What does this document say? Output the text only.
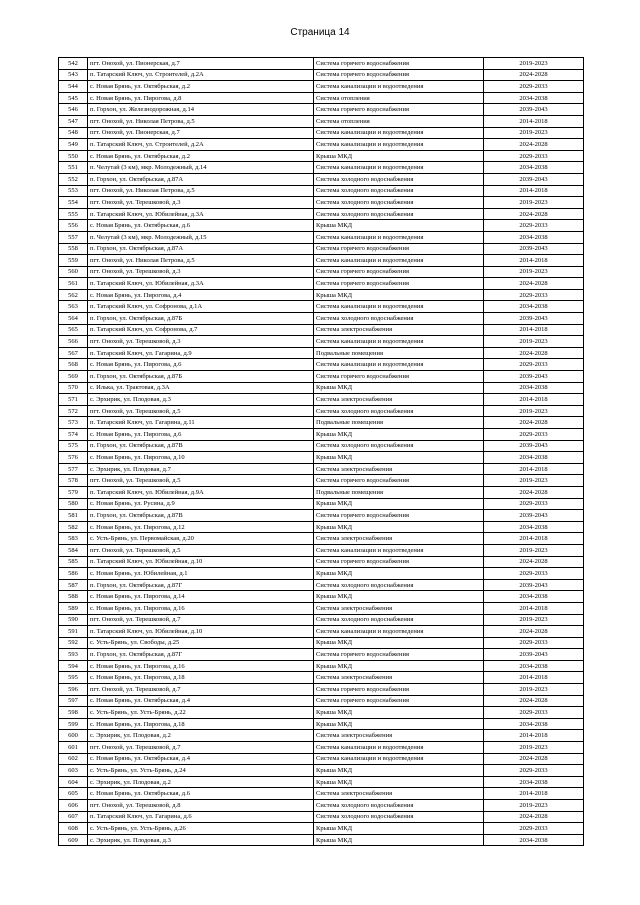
Страница 14
542	пгт. Онохой, ул. Пионерская, д.7	Система горячего водоснабжения	2019-2023
543	п. Татарский Ключ, ул. Строителей, д.2А	Система горячего водоснабжения	2024-2028
544	с. Новая Брянь, ул. Октябрьская, д.2	Система канализации и водоотведения	2029-2033
545	с. Новая Брянь, ул. Пирогова, д.8	Система отопления	2034-2038
546	п. Горхон, ул. Железнодорожная, д.14	Система горячего водоснабжения	2039-2043
547	пгт. Онохой, ул. Николая Петрова, д.5	Система отопления	2014-2018
548	пгт. Онохой, ул. Пионерская, д.7	Система канализации и водоотведения	2019-2023
549	п. Татарский Ключ, ул. Строителей, д.2А	Система канализации и водоотведения	2024-2028
550	с. Новая Брянь, ул. Октябрьская, д.2	Крыша МКД	2029-2033
551	п. Челутай (3 км), мкр. Молодежный, д.14	Система канализации и водоотведения	2034-2038
552	п. Горхон, ул. Октябрьская, д.87А	Система холодного водоснабжения	2039-2043
553	пгт. Онохой, ул. Николая Петрова, д.5	Система холодного водоснабжения	2014-2018
554	пгт. Онохой, ул. Терешковой, д.3	Система холодного водоснабжения	2019-2023
555	п. Татарский Ключ, ул. Юбилейная, д.3А	Система холодного водоснабжения	2024-2028
556	с. Новая Брянь, ул. Октябрьская, д.6	Крыша МКД	2029-2033
557	п. Челутай (3 км), мкр. Молодежный, д.15	Система канализации и водоотведения	2034-2038
558	п. Горхон, ул. Октябрьская, д.87А	Система горячего водоснабжения	2039-2043
559	пгт. Онохой, ул. Николая Петрова, д.5	Система канализации и водоотведения	2014-2018
560	пгт. Онохой, ул. Терешковой, д.3	Система горячего водоснабжения	2019-2023
561	п. Татарский Ключ, ул. Юбилейная, д.3А	Система горячего водоснабжения	2024-2028
562	с. Новая Брянь, ул. Пирогова, д.4	Крыша МКД	2029-2033
563	п. Татарский Ключ, ул. Софронова, д.1А	Система канализации и водоотведения	2034-2038
564	п. Горхон, ул. Октябрьская, д.87Б	Система холодного водоснабжения	2039-2043
565	п. Татарский Ключ, ул. Софронова, д.7	Система электроснабжения	2014-2018
566	пгт. Онохой, ул. Терешковой, д.3	Система канализации и водоотведения	2019-2023
567	п. Татарский Ключ, ул. Гагарина, д.9	Подвальные помещения	2024-2028
568	с. Новая Брянь, ул. Пирогова, д.6	Система канализации и водоотведения	2029-2033
569	п. Горхон, ул. Октябрьская, д.87Б	Система горячего водоснабжения	2039-2043
570	с. Илька, ул. Трактовая, д.3А	Крыша МКД	2034-2038
571	с. Эрхирик, ул. Плодовая, д.3	Система электроснабжения	2014-2018
572	пгт. Онохой, ул. Терешковой, д.5	Система холодного водоснабжения	2019-2023
573	п. Татарский Ключ, ул. Гагарина, д.11	Подвальные помещения	2024-2028
574	с. Новая Брянь, ул. Пирогова, д.6	Крыша МКД	2029-2033
575	п. Горхон, ул. Октябрьская, д.87В	Система холодного водоснабжения	2039-2043
576	с. Новая Брянь, ул. Пирогова, д.10	Крыша МКД	2034-2038
577	с. Эрхирик, ул. Плодовая, д.7	Система электроснабжения	2014-2018
578	пгт. Онохой, ул. Терешковой, д.5	Система горячего водоснабжения	2019-2023
579	п. Татарский Ключ, ул. Юбилейная, д.9А	Подвальные помещения	2024-2028
580	с. Новая Брянь, ул. Русина, д.9	Крыша МКД	2029-2033
581	п. Горхон, ул. Октябрьская, д.87В	Система горячего водоснабжения	2039-2043
582	с. Новая Брянь, ул. Пирогова, д.12	Крыша МКД	2034-2038
583	с. Усть-Брянь, ул. Первомайская, д.20	Система электроснабжения	2014-2018
584	пгт. Онохой, ул. Терешковой, д.5	Система канализации и водоотведения	2019-2023
585	п. Татарский Ключ, ул. Юбилейная, д.10	Система горячего водоснабжения	2024-2028
586	с. Новая Брянь, ул. Юбилейная, д.1	Крыша МКД	2029-2033
587	п. Горхон, ул. Октябрьская, д.87Г	Система холодного водоснабжения	2039-2043
588	с. Новая Брянь, ул. Пирогова, д.14	Крыша МКД	2034-2038
589	с. Новая Брянь, ул. Пирогова, д.16	Система электроснабжения	2014-2018
590	пгт. Онохой, ул. Терешковой, д.7	Система холодного водоснабжения	2019-2023
591	п. Татарский Ключ, ул. Юбилейная, д.10	Система канализации и водоотведения	2024-2028
592	с. Усть-Брянь, ул. Свободы, д.25	Крыша МКД	2029-2033
593	п. Горхон, ул. Октябрьская, д.87Г	Система горячего водоснабжения	2039-2043
594	с. Новая Брянь, ул. Пирогова, д.16	Крыша МКД	2034-2038
595	с. Новая Брянь, ул. Пирогова, д.18	Система электроснабжения	2014-2018
596	пгт. Онохой, ул. Терешковой, д.7	Система горячего водоснабжения	2019-2023
597	с. Новая Брянь, ул. Октябрьская, д.4	Система горячего водоснабжения	2024-2028
598	с. Усть-Брянь, ул. Усть-Брянь, д.22	Крыша МКД	2029-2033
599	с. Новая Брянь, ул. Пирогова, д.18	Крыша МКД	2034-2038
600	с. Эрхирик, ул. Плодовая, д.2	Система электроснабжения	2014-2018
601	пгт. Онохой, ул. Терешковой, д.7	Система канализации и водоотведения	2019-2023
602	с. Новая Брянь, ул. Октябрьская, д.4	Система канализации и водоотведения	2024-2028
603	с. Усть-Брянь, ул. Усть-Брянь, д.24	Крыша МКД	2029-2033
604	с. Эрхирик, ул. Плодовая, д.2	Крыша МКД	2034-2038
605	с. Новая Брянь, ул. Октябрьская, д.6	Система электроснабжения	2014-2018
606	пгт. Онохой, ул. Терешковой, д.8	Система холодного водоснабжения	2019-2023
607	п. Татарский Ключ, ул. Гагарина, д.6	Система холодного водоснабжения	2024-2028
608	с. Усть-Брянь, ул. Усть-Брянь, д.26	Крыша МКД	2029-2033
609	с. Эрхирик, ул. Плодовая, д.3	Крыша МКД	2034-2038
